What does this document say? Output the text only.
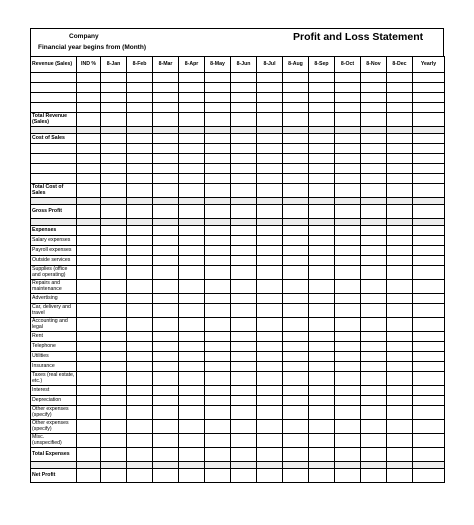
Company
Financial year begins from (Month)
Profit and Loss Statement
Revenue (Sales)	IND %	8-Jan	8-Feb	8-Mar	8-Apr	8-May	8-Jun	8-Jul	8-Aug	8-Sep	8-Oct	8-Nov	8-Dec	Yearly

Total Revenue (Sales)														

Cost of Sales														

Total Cost of Sales														

Gross Profit														

Expenses														
Salary expenses														
Payroll expenses														
Outside services														
Supplies (office and operating)														
Repairs and maintenance														
Advertising														
Car, delivery and travel														
Accounting and legal														
Rent														
Telephone														
Utilities														
Insurance														
Taxes (real estate, etc.)														
Interest														
Depreciation														
Other expenses (specify)														
Other expenses (specify)														
Misc. (unspecified)														
Total Expenses														

Net Profit														
